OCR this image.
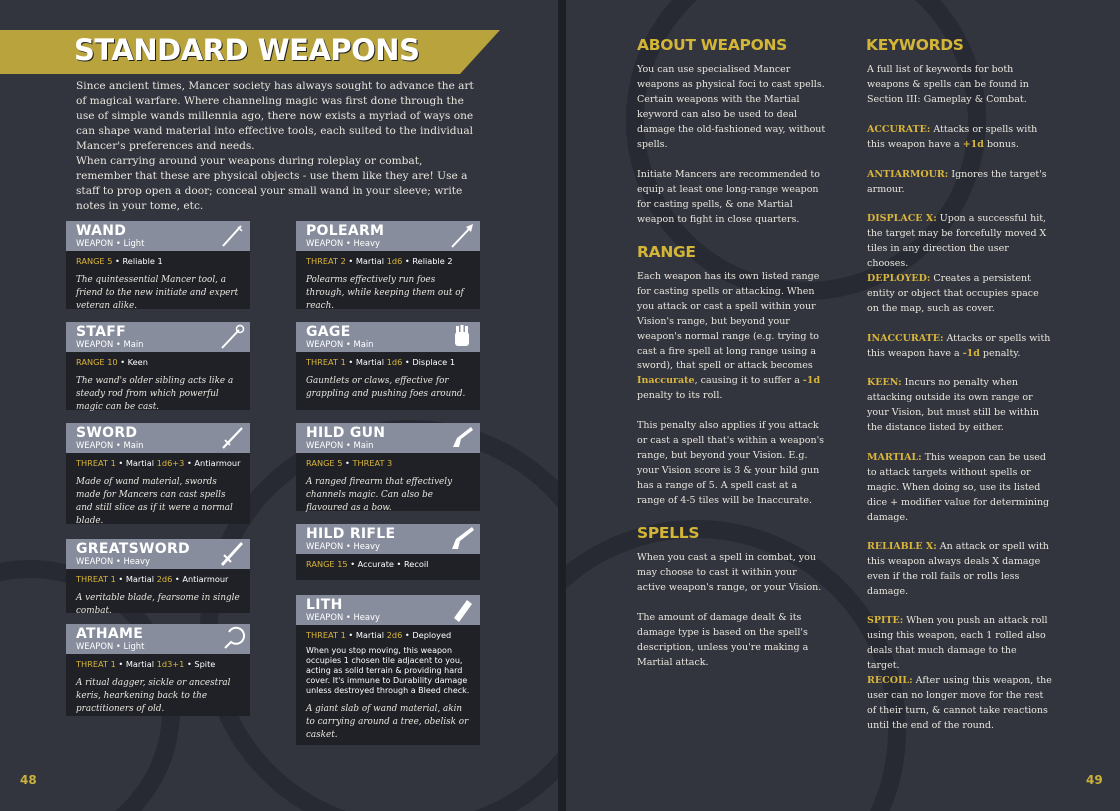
STANDARD WEAPONS

Since ancient times, Mancer society has always sought to advance the art of magical warfare. Where channeling magic was first done through the use of simple wands millennia ago, there now exists a myriad of ways one can shape wand material into effective tools, each suited to the individual Mancer's preferences and needs.

When carrying around your weapons during roleplay or combat, remember that these are physical objects - use them like they are! Use a staff to prop open a door; conceal your small wand in your sleeve; write notes in your tome, etc.

WAND
WEAPON • Light
RANGE 5 • Reliable 1
The quintessential Mancer tool, a friend to the new initiate and expert veteran alike.
STAFF
WEAPON • Main
RANGE 10 • Keen
The wand's older sibling acts like a steady rod from which powerful magic can be cast.
SWORD
WEAPON • Main
THREAT 1 • Martial 1d6+3 • Antiarmour
Made of wand material, swords made for Mancers can cast spells and still slice as if it were a normal blade.
GREATSWORD
WEAPON • Heavy
THREAT 1 • Martial 2d6 • Antiarmour
A veritable blade, fearsome in single combat.
ATHAME
WEAPON • Light
THREAT 1 • Martial 1d3+1 • Spite
A ritual dagger, sickle or ancestral keris, hearkening back to the practitioners of old.
POLEARM
WEAPON • Heavy
THREAT 2 • Martial 1d6 • Reliable 2
Polearms effectively run foes through, while keeping them out of reach.
GAGE
WEAPON • Main
THREAT 1 • Martial 1d6 • Displace 1
Gauntlets or claws, effective for grappling and pushing foes around.
HILD GUN
WEAPON • Main
RANGE 5 • THREAT 3
A ranged firearm that effectively channels magic. Can also be flavoured as a bow.
HILD RIFLE
WEAPON • Heavy
RANGE 15 • Accurate • Recoil
LITH
WEAPON • Heavy
THREAT 1 • Martial 2d6 • Deployed
When you stop moving, this weapon occupies 1 chosen tile adjacent to you, acting as solid terrain & providing hard cover. It's immune to Durability damage unless destroyed through a Bleed check.
A giant slab of wand material, akin to carrying around a tree, obelisk or casket.
48
ABOUT WEAPONS

You can use specialised Mancer weapons as physical foci to cast spells. Certain weapons with the Martial keyword can also be used to deal damage the old-fashioned way, without spells.

Initiate Mancers are recommended to equip at least one long-range weapon for casting spells, & one Martial weapon to fight in close quarters.

RANGE

Each weapon has its own listed range for casting spells or attacking. When you attack or cast a spell within your Vision's range, but beyond your weapon's normal range (e.g. trying to cast a fire spell at long range using a sword), that spell or attack becomes Inaccurate, causing it to suffer a -1d penalty to its roll.

This penalty also applies if you attack or cast a spell that's within a weapon's range, but beyond your Vision. E.g. your Vision score is 3 & your hild gun has a range of 5. A spell cast at a range of 4-5 tiles will be Inaccurate.

SPELLS

When you cast a spell in combat, you may choose to cast it within your active weapon's range, or your Vision.

The amount of damage dealt & its damage type is based on the spell's description, unless you're making a Martial attack.

KEYWORDS

A full list of keywords for both weapons & spells can be found in Section III: Gameplay & Combat.

ACCURATE: Attacks or spells with this weapon have a +1d bonus.

ANTIARMOUR: Ignores the target's armour.

DISPLACE X: Upon a successful hit, the target may be forcefully moved X tiles in any direction the user chooses.

DEPLOYED: Creates a persistent entity or object that occupies space on the map, such as cover.

INACCURATE: Attacks or spells with this weapon have a -1d penalty.

KEEN: Incurs no penalty when attacking outside its own range or your Vision, but must still be within the distance listed by either.

MARTIAL: This weapon can be used to attack targets without spells or magic. When doing so, use its listed dice + modifier value for determining damage.

RELIABLE X: An attack or spell with this weapon always deals X damage even if the roll fails or rolls less damage.

SPITE: When you push an attack roll using this weapon, each 1 rolled also deals that much damage to the target.

RECOIL: After using this weapon, the user can no longer move for the rest of their turn, & cannot take reactions until the end of the round.

49
